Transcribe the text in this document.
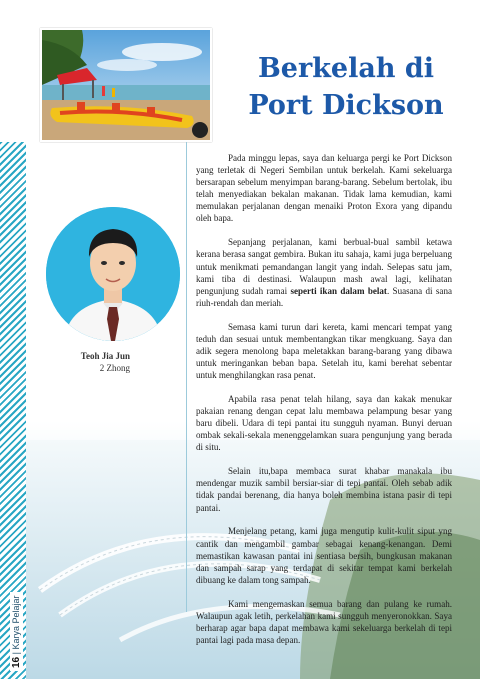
16 | Karya Pelajar
Berkelah di
Port Dickson
Teoh Jia Jun
2 Zhong

Pada minggu lepas, saya dan keluarga pergi ke Port Dickson yang terletak di Negeri Sembilan untuk berkelah. Kami sekeluarga bersarapan sebelum menyimpan barang-barang. Sebelum bertolak, ibu telah menyediakan bekalan makanan. Tidak lama kemudian, kami memulakan perjalanan dengan menaiki Proton Exora yang dipandu oleh bapa.

Sepanjang perjalanan, kami berbual-bual sambil ketawa kerana berasa sangat gembira. Bukan itu sahaja, kami juga berpeluang untuk menikmati pemandangan langit yang indah. Selepas satu jam, kami tiba di destinasi. Walaupun mash awal lagi, kelihatan pengunjung sudah ramai seperti ikan dalam belat. Suasana di sana riuh-rendah dan meriah.

Semasa kami turun dari kereta, kami mencari tempat yang teduh dan sesuai untuk membentangkan tikar mengkuang. Saya dan adik segera menolong bapa meletakkan barang-barang yang dibawa untuk meringankan beban bapa. Setelah itu, kami berehat sebentar untuk menghilangkan rasa penat.

Apabila rasa penat telah hilang, saya dan kakak menukar pakaian renang dengan cepat lalu membawa pelampung besar yang baru dibeli. Udara di tepi pantai itu sungguh nyaman. Bunyi deruan ombak sekali-sekala menenggelamkan suara pengunjung yang berada di situ.

Selain itu,bapa membaca surat khabar manakala ibu mendengar muzik sambil bersiar-siar di tepi pantai. Oleh sebab adik tidak pandai berenang, dia hanya boleh membina istana pasir di tepi pantai.

Menjelang petang, kami juga mengutip kulit-kulit siput yng cantik dan mengambil gambar sebagai kenang-kenangan. Demi memastikan kawasan pantai ini sentiasa bersih, bungkusan makanan dan sampah sarap yang terdapat di sekitar tempat kami berkelah dibuang ke dalam tong sampah.

Kami mengemaskan semua barang dan pulang ke rumah. Walaupun agak letih, perkelahan kami sungguh menyeronokkan. Saya berharap agar bapa dapat membawa kami sekeluarga berkelah di tepi pantai lagi pada masa depan.
